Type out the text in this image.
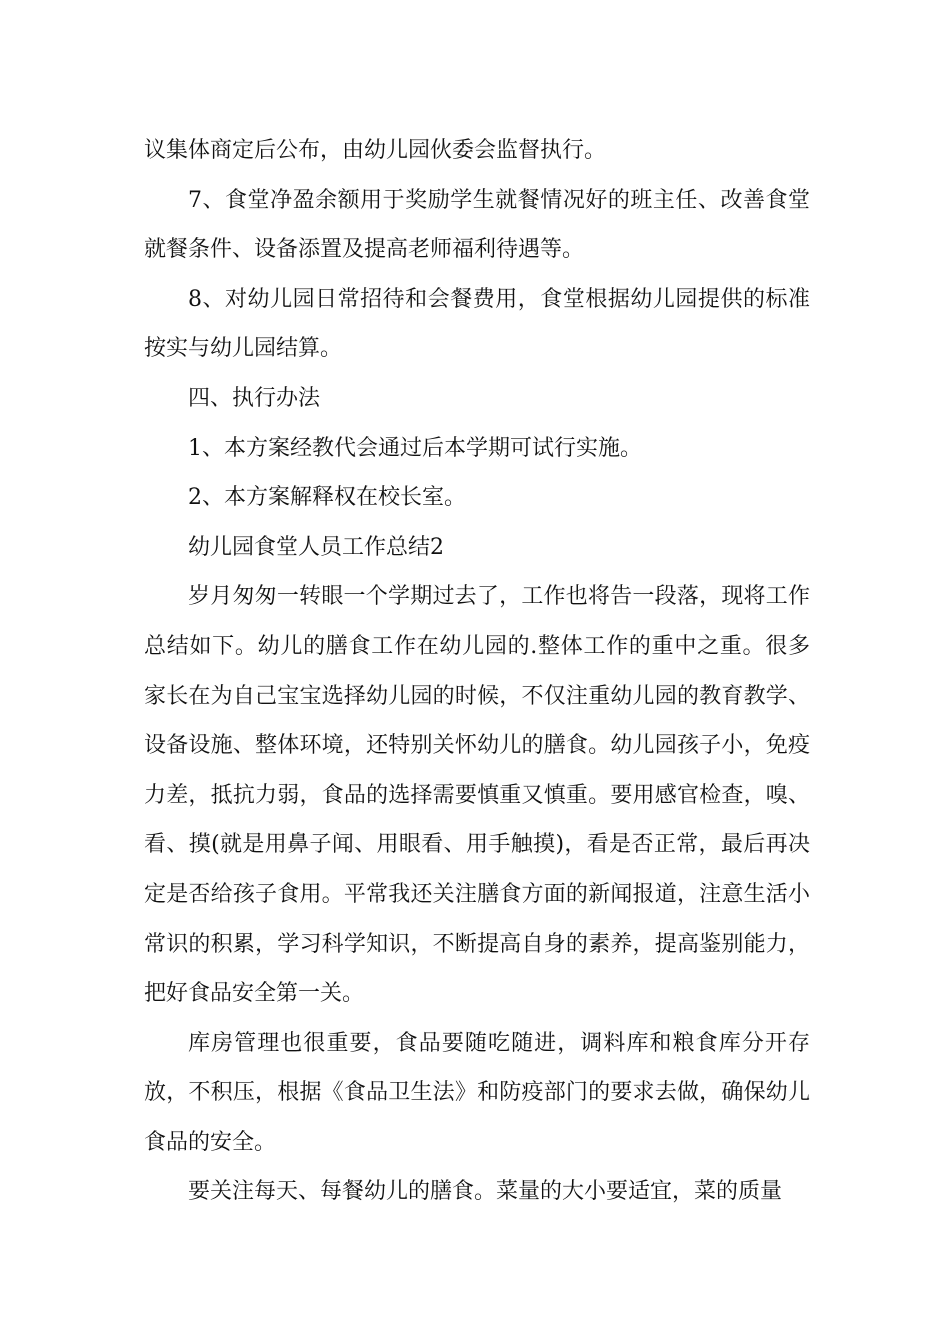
议集体商定后公布，由幼儿园伙委会监督执行。

7、食堂净盈余额用于奖励学生就餐情况好的班主任、改善食堂就餐条件、设备添置及提高老师福利待遇等。

8、对幼儿园日常招待和会餐费用，食堂根据幼儿园提供的标准按实与幼儿园结算。

四、执行办法

1、本方案经教代会通过后本学期可试行实施。

2、本方案解释权在校长室。

幼儿园食堂人员工作总结2

岁月匆匆一转眼一个学期过去了，工作也将告一段落，现将工作总结如下。幼儿的膳食工作在幼儿园的.整体工作的重中之重。很多家长在为自己宝宝选择幼儿园的时候，不仅注重幼儿园的教育教学、设备设施、整体环境，还特别关怀幼儿的膳食。幼儿园孩子小，免疫力差，抵抗力弱，食品的选择需要慎重又慎重。要用感官检查，嗅、看、摸(就是用鼻子闻、用眼看、用手触摸)，看是否正常，最后再决定是否给孩子食用。平常我还关注膳食方面的新闻报道，注意生活小常识的积累，学习科学知识，不断提高自身的素养，提高鉴别能力，把好食品安全第一关。

库房管理也很重要，食品要随吃随进，调料库和粮食库分开存放，不积压，根据《食品卫生法》和防疫部门的要求去做，确保幼儿食品的安全。

要关注每天、每餐幼儿的膳食。菜量的大小要适宜，菜的质量
